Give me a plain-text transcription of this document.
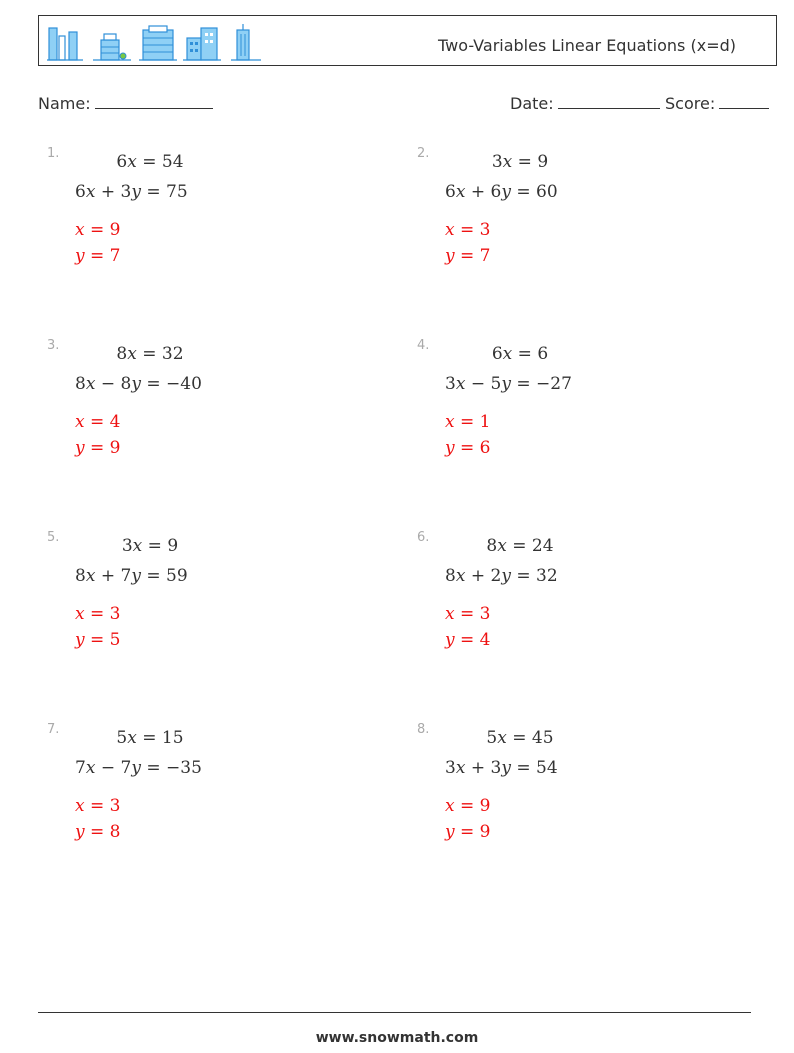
Two-Variables Linear Equations (x=d)
Name:	Date:	Score:
1.	6x = 54
6x + 3y = 75
x = 9
y = 7
2.	3x = 9
6x + 6y = 60
x = 3
y = 7
3.	8x = 32
8x − 8y = −40
x = 4
y = 9
4.	6x = 6
3x − 5y = −27
x = 1
y = 6
5.	3x = 9
8x + 7y = 59
x = 3
y = 5
6.	8x = 24
8x + 2y = 32
x = 3
y = 4
7.	5x = 15
7x − 7y = −35
x = 3
y = 8
8.	5x = 45
3x + 3y = 54
x = 9
y = 9
www.snowmath.com
